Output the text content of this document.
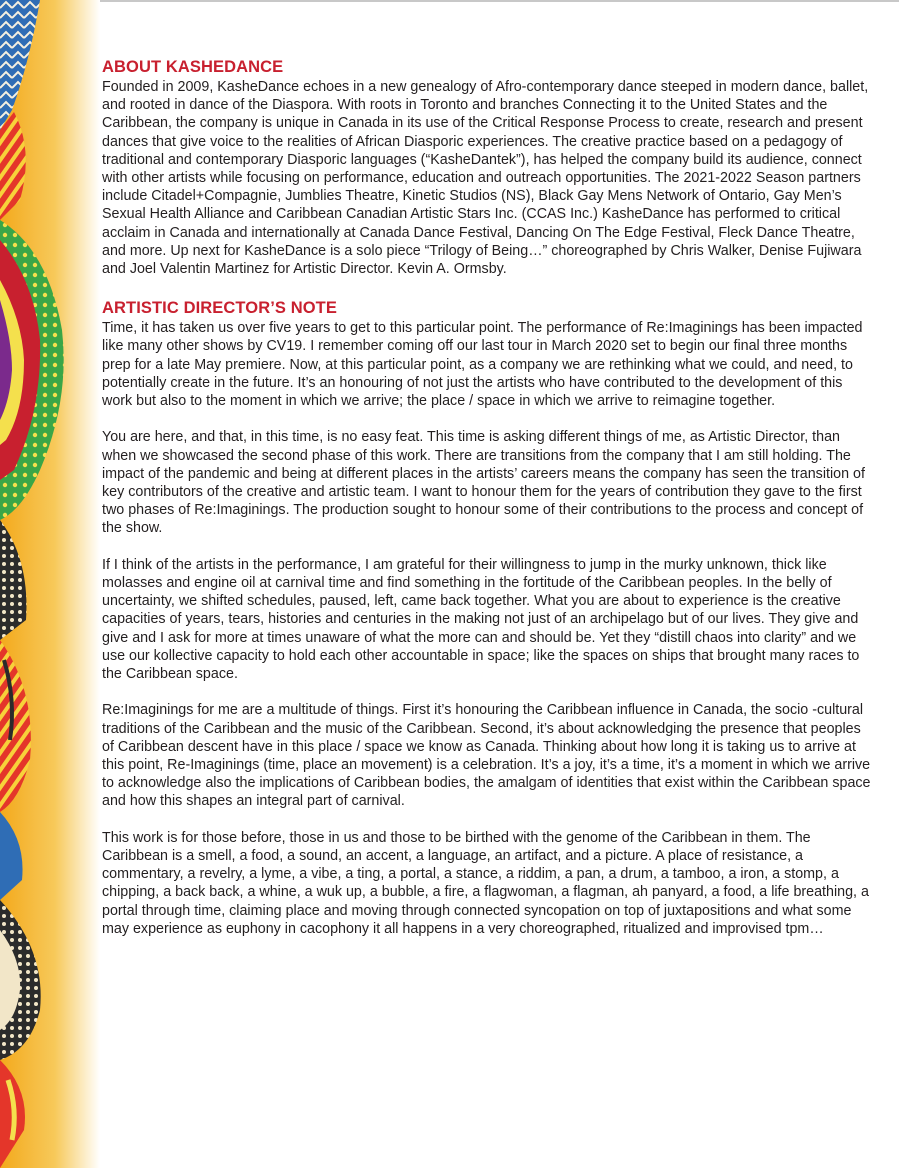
ABOUT KASHEDANCE

Founded in 2009, KasheDance echoes in a new genealogy of Afro-contemporary dance steeped in modern dance, ballet, and rooted in dance of the Diaspora. With roots in Toronto and branches Connecting it to the United States and the Caribbean, the company is unique in Canada in its use of the Critical Response Process to create, research and present dances that give voice to the realities of African Diasporic experiences. The creative practice based on a pedagogy of traditional and contemporary Diasporic languages (“KasheDantek”), has helped the company build its audience, connect with other artists while focusing on performance, education and outreach opportunities. The 2021-2022 Season partners include Citadel+Compagnie, Jumblies Theatre, Kinetic Studios (NS), Black Gay Mens Network of Ontario, Gay Men’s Sexual Health Alliance and Caribbean Canadian Artistic Stars Inc. (CCAS Inc.) KasheDance has performed to critical acclaim in Canada and internationally at Canada Dance Festival, Dancing On The Edge Festival, Fleck Dance Theatre, and more. Up next for KasheDance is a solo piece “Trilogy of Being…” choreographed by Chris Walker, Denise Fujiwara and Joel Valentin Martinez for Artistic Director. Kevin A. Ormsby.

ARTISTIC DIRECTOR’S NOTE

Time, it has taken us over five years to get to this particular point. The performance of Re:Imaginings has been impacted like many other shows by CV19. I remember coming off our last tour in March 2020 set to begin our final three months prep for a late May premiere. Now, at this particular point, as a company we are rethinking what we could, and need, to potentially create in the future. It’s an honouring of not just the artists who have contributed to the development of this work but also to the moment in which we arrive; the place / space in which we arrive to reimagine together.

You are here, and that, in this time, is no easy feat. This time is asking different things of me, as Artistic Director, than when we showcased the second phase of this work. There are transitions from the company that I am still holding. The impact of the pandemic and being at different places in the artists’ careers means the company has seen the transition of key contributors of the creative and artistic team. I want to honour them for the years of contribution they gave to the first two phases of Re:Imaginings. The production sought to honour some of their contributions to the process and concept of the show.

If I think of the artists in the performance, I am grateful for their willingness to jump in the murky unknown, thick like molasses and engine oil at carnival time and find something in the fortitude of the Caribbean peoples. In the belly of uncertainty, we shifted schedules, paused, left, came back together. What you are about to experience is the creative capacities of years, tears, histories and centuries in the making not just of an archipelago but of our lives. They give and give and I ask for more at times unaware of what the more can and should be. Yet they “distill chaos into clarity” and we use our kollective capacity to hold each other accountable in space; like the spaces on ships that brought many races to the Caribbean space.

Re:Imaginings for me are a multitude of things. First it’s honouring the Caribbean influence in Canada, the socio -cultural traditions of the Caribbean and the music of the Caribbean. Second, it’s about acknowledging the presence that peoples of Caribbean descent have in this place / space we know as Canada. Thinking about how long it is taking us to arrive at this point, Re-Imaginings (time, place an movement) is a celebration. It’s a joy, it’s a time, it’s a moment in which we arrive to acknowledge also the implications of Caribbean bodies, the amalgam of identities that exist within the Caribbean space and how this shapes an integral part of carnival.

This work is for those before, those in us and those to be birthed with the genome of the Caribbean in them. The Caribbean is a smell, a food, a sound, an accent, a language, an artifact, and a picture. A place of resistance, a commentary, a revelry, a lyme, a vibe, a ting, a portal, a stance, a riddim, a pan, a drum, a tamboo, a iron, a stomp, a chipping, a back back, a whine, a wuk up, a bubble, a fire, a flagwoman, a flagman, ah panyard, a food, a life breathing, a portal through time, claiming place and moving through connected syncopation on top of juxtapositions and what some may experience as euphony in cacophony it all happens in a very choreographed, ritualized and improvised tpm…
